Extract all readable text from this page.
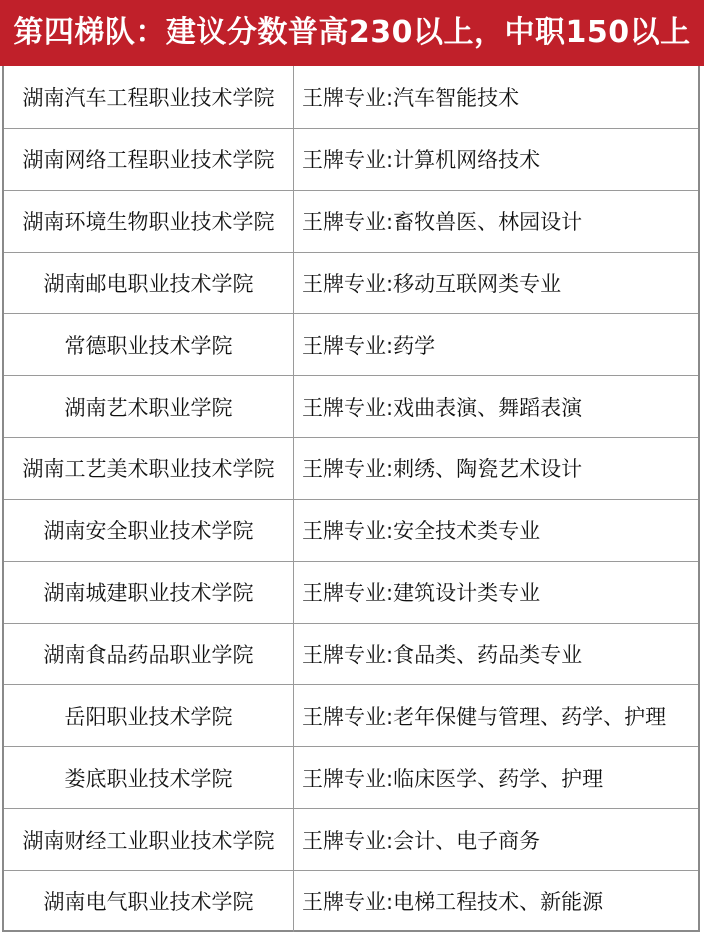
第四梯队：建议分数普高230以上，中职150以上
湖南汽车工程职业技术学院	王牌专业:汽车智能技术
湖南网络工程职业技术学院	王牌专业:计算机网络技术
湖南环境生物职业技术学院	王牌专业:畜牧兽医、林园设计
湖南邮电职业技术学院	王牌专业:移动互联网类专业
常德职业技术学院	王牌专业:药学
湖南艺术职业学院	王牌专业:戏曲表演、舞蹈表演
湖南工艺美术职业技术学院	王牌专业:刺绣、陶瓷艺术设计
湖南安全职业技术学院	王牌专业:安全技术类专业
湖南城建职业技术学院	王牌专业:建筑设计类专业
湖南食品药品职业学院	王牌专业:食品类、药品类专业
岳阳职业技术学院	王牌专业:老年保健与管理、药学、护理
娄底职业技术学院	王牌专业:临床医学、药学、护理
湖南财经工业职业技术学院	王牌专业:会计、电子商务
湖南电气职业技术学院	王牌专业:电梯工程技术、新能源
